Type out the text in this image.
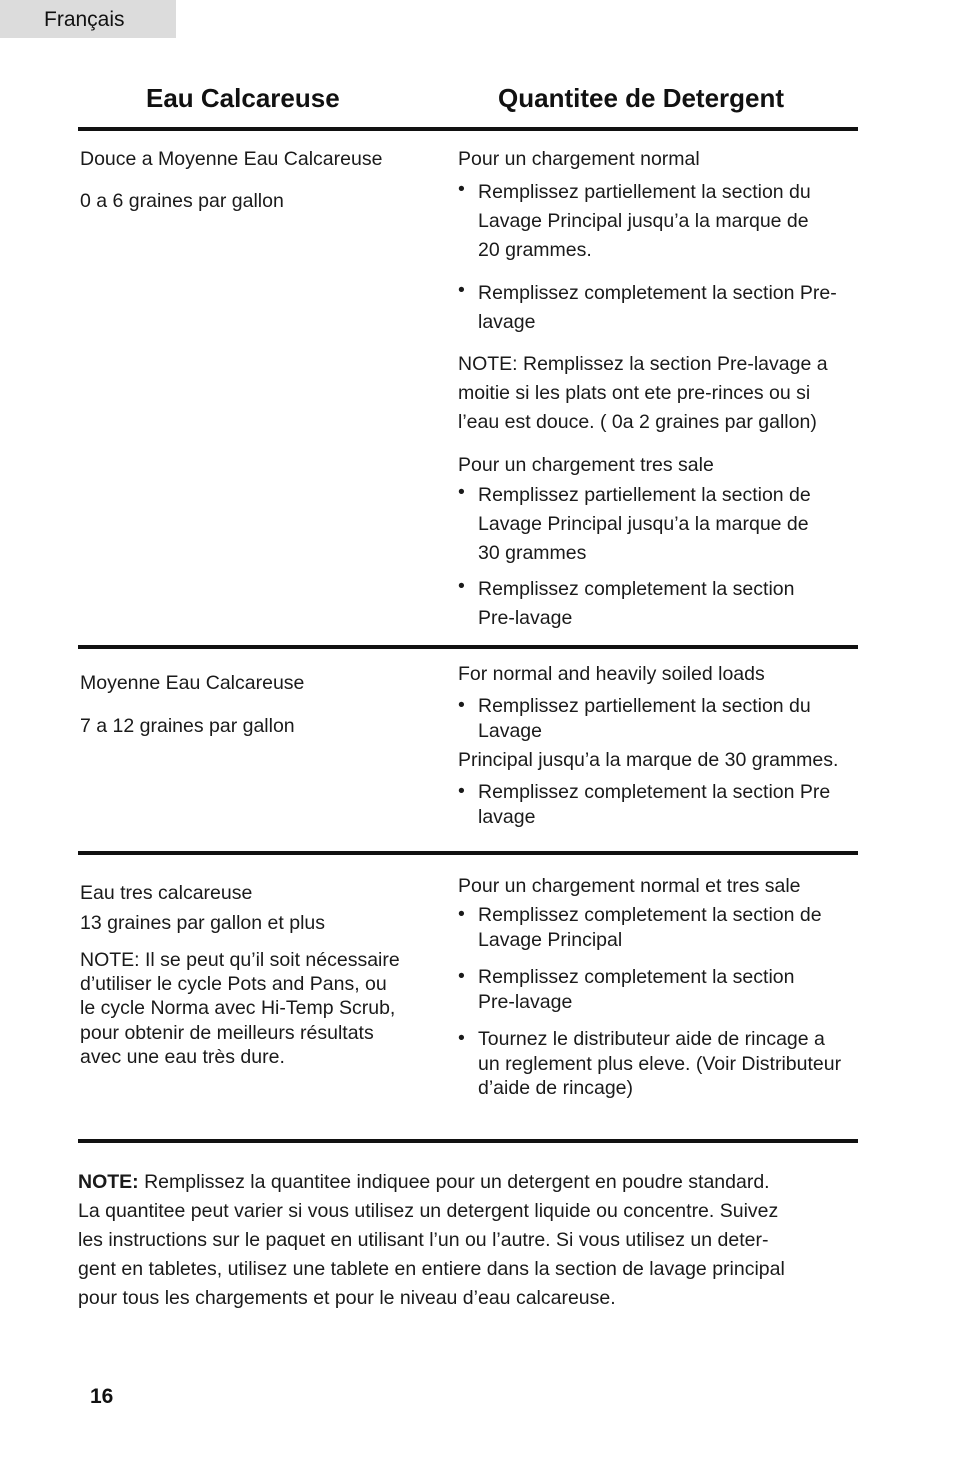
Français
Eau Calcareuse	Quantitee de Detergent
Douce a Moyenne Eau Calcareuse
0 a 6 graines par gallon
Pour un chargement normal
• Remplissez partiellement la section du
Lavage Principal jusqu’a la marque de
20 grammes.
• Remplissez completement la section Pre-
lavage
NOTE: Remplissez la section Pre-lavage a
moitie si les plats ont ete pre-rinces ou si
l’eau est douce. ( 0a 2 graines par gallon)
Pour un chargement tres sale
• Remplissez partiellement la section de
Lavage Principal jusqu’a la marque de
30 grammes
• Remplissez completement la section
Pre-lavage
Moyenne Eau Calcareuse
7 a 12 graines par gallon
For normal and heavily soiled loads
• Remplissez partiellement la section du
Lavage
Principal jusqu’a la marque de 30 grammes.
• Remplissez completement la section Pre
lavage
Eau tres calcareuse
13 graines par gallon et plus
NOTE: Il se peut qu’il soit nécessaire
d’utiliser le cycle Pots and Pans, ou
le cycle Norma avec Hi-Temp Scrub,
pour obtenir de meilleurs résultats
avec une eau très dure.
Pour un chargement normal et tres sale
• Remplissez completement la section de
Lavage Principal
• Remplissez completement la section
Pre-lavage
• Tournez le distributeur aide de rincage a
un reglement plus eleve. (Voir Distributeur
d’aide de rincage)
NOTE: Remplissez la quantitee indiquee pour un detergent en poudre standard.
La quantitee peut varier si vous utilisez un detergent liquide ou concentre. Suivez
les instructions sur le paquet en utilisant l’un ou l’autre. Si vous utilisez un deter-
gent en tabletes, utilisez une tablete en entiere dans la section de lavage principal
pour tous les chargements et pour le niveau d’eau calcareuse.
16
